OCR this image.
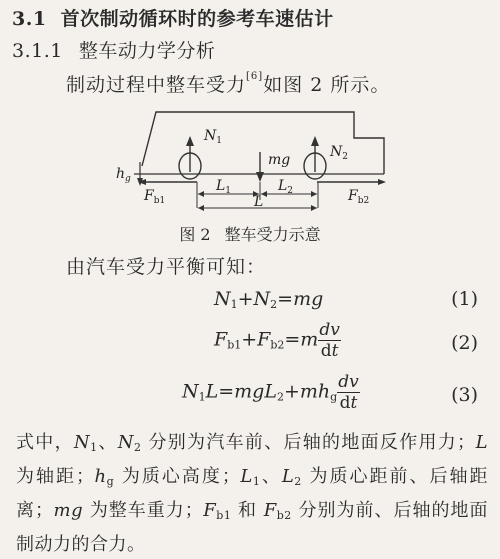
3.1 首次制动循环时的参考车速估计
3.1.1 整车动力学分析
制动过程中整车受力[6]如图 2 所示。
$N_1$
$N_2$
mg
$h_g$	$L_1$	$L_2$
L
$F_{b1}$	$F_{b2}$
图 2 整车受力示意
由汽车受力平衡可知：
$N_1+N_2=mg$	(1)
$F_{b1}+F_{b2}=m \frac{dv}{dt}$	(2)
$N_1L=mgL_2+mh_g \frac{dv}{dt}$	(3)
式中，$N_1$、$N_2$ 分别为汽车前、后轴的地面反作用力；L 为轴距；$h_g$ 为质心高度；$L_1$、$L_2$ 为质心距前、后轴距离；mg 为整车重力；$F_{b1}$ 和 $F_{b2}$ 分别为前、后轴的地面制动力的合力。
